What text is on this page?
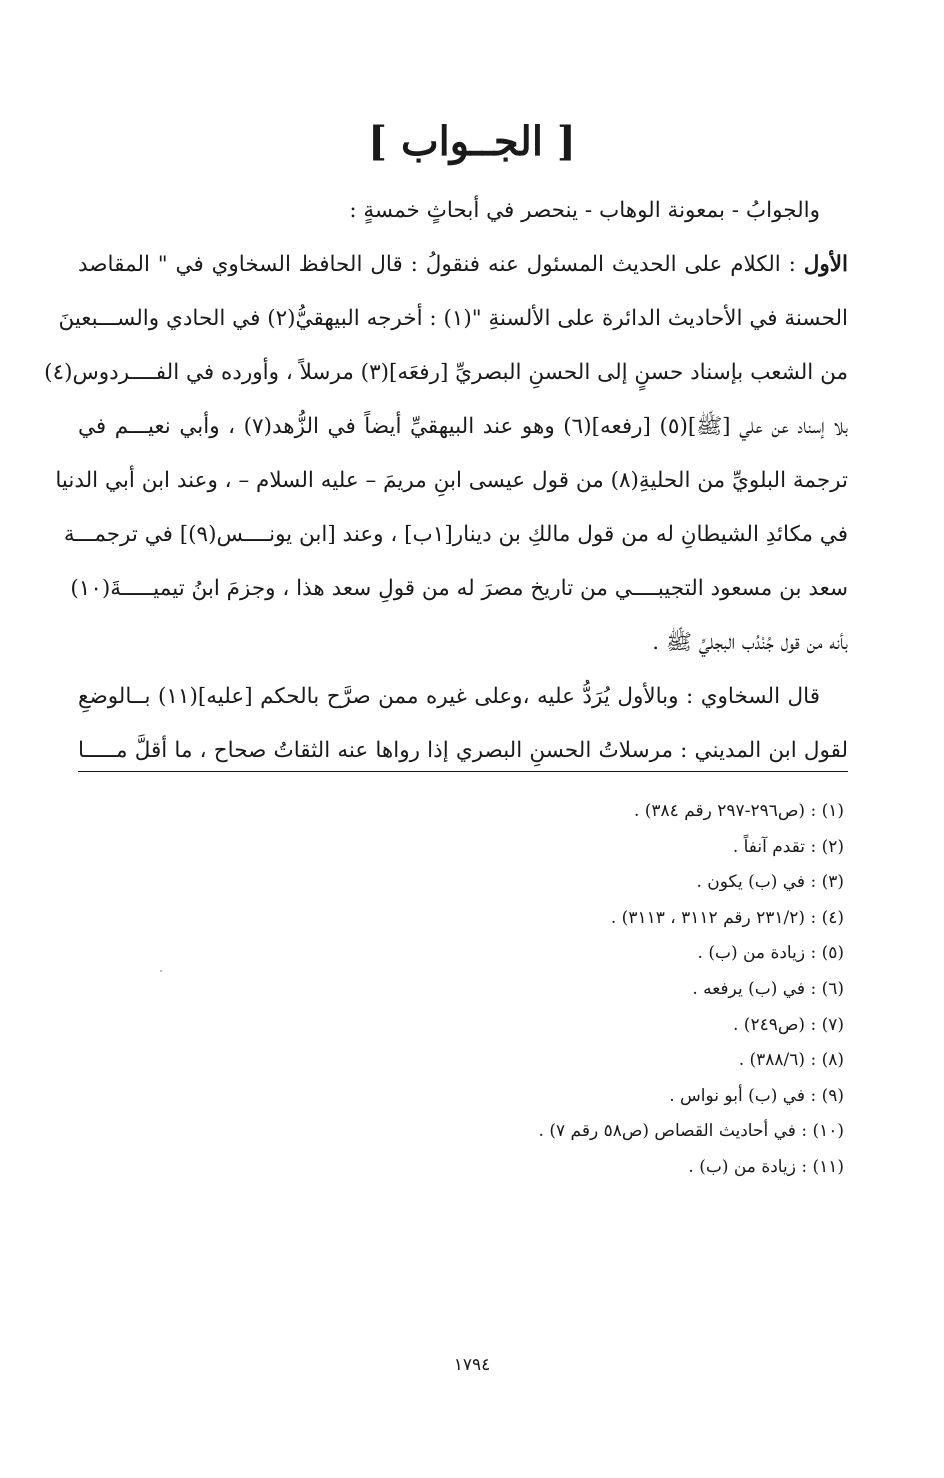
[ الجــواب ]
والجوابُ - بمعونة الوهاب - ينحصر في أبحاثٍ خمسةٍ :
الأول : الكلام على الحديث المسئول عنه فنقولُ : قال الحافظ السخاوي في " المقاصد
الحسنة في الأحاديث الدائرة على الألسنةِ "(١) : أخرجه البيهقيُّ(٢) في الحادي والســـبعينَ
من الشعب بإسناد حسنٍ إلى الحسنِ البصريِّ [رفعَه](٣) مرسلاً ، وأورده في الفــــردوس(٤)
بلا إسناد عن علي [ﷺ](٥) [رفعه](٦) وهو عند البيهقيِّ أيضاً في الزُّهد(٧) ، وأبي نعيـــم في
ترجمة البلويِّ من الحليةِ(٨) من قول عيسى ابنِ مريمَ – عليه السلام – ، وعند ابن أبي الدنيا
في مكائدِ الشيطانِ له من قول مالكِ بن دينار[١ب] ، وعند [ابن يونــــس(٩)] في ترجمـــة
سعد بن مسعود التجيبــــي من تاريخ مصرَ له من قولِ سعد هذا ، وجزمَ ابنُ تيميـــــةَ(١٠)
بأنه من قول جُنْدُب البجليِّ ﷺ .
قال السخاوي : وبالأول يُرَدُّ عليه ،وعلى غيره ممن صرَّح بالحكم [عليه](١١) بــالوضعِ
لقول ابن المديني : مرسلاتُ الحسنِ البصري إذا رواها عنه الثقاتُ صحاح ، ما أقلَّ مـــــا
(١) : (ص٢٩٦-٢٩٧ رقم ٣٨٤) .
(٢) : تقدم آنفاً .
(٣) : في (ب) يكون .
(٤) : (٢٣١/٢ رقم ٣١١٢ ، ٣١١٣) .
(٥) : زيادة من (ب) .
(٦) : في (ب) يرفعه .
(٧) : (ص٢٤٩) .
(٨) : (٣٨٨/٦) .
(٩) : في (ب) أبو نواس .
(١٠) : في أحاديث القصاص (ص٥٨ رقم ٧) .
(١١) : زيادة من (ب) .
١٧٩٤
